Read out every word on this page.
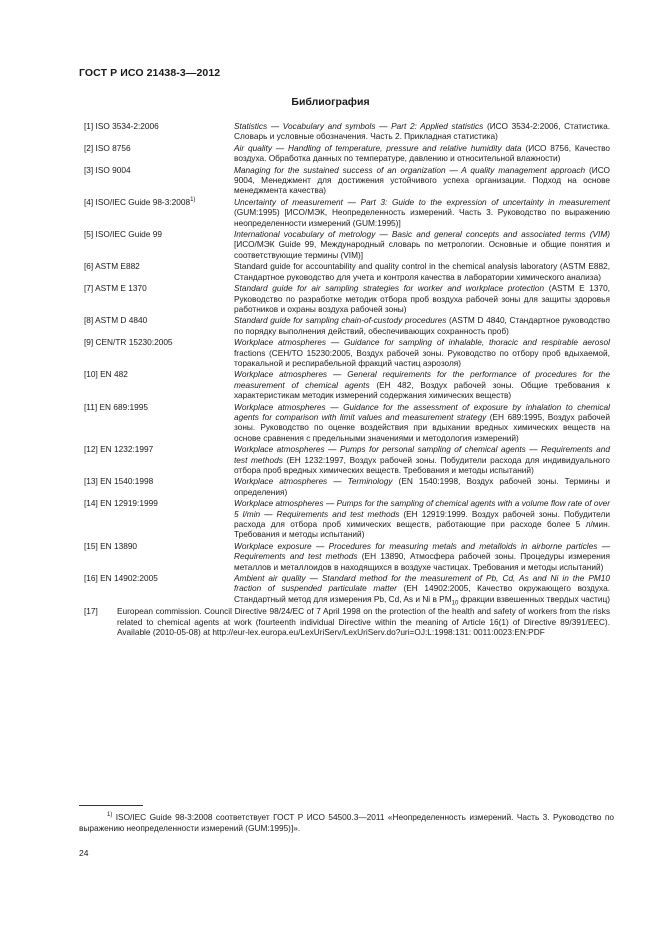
ГОСТ Р ИСО 21438-3—2012
Библиография
[1] ISO 3534-2:2006	Statistics — Vocabulary and symbols — Part 2: Applied statistics (ИСО 3534-2:2006, Статистика. Словарь и условные обозначения. Часть 2. Прикладная статистика)
[2] ISO 8756	Air quality — Handling of temperature, pressure and relative humidity data (ИСО 8756, Качество воздуха. Обработка данных по температуре, давлению и относительной влажности)
[3] ISO 9004	Managing for the sustained success of an organization — A quality management approach (ИСО 9004, Менеджмент для достижения устойчивого успеха организации. Подход на основе менеджмента качества)
[4] ISO/IEC Guide 98-3:2008$^{1)}$	Uncertainty of measurement — Part 3: Guide to the expression of uncertainty in measurement (GUM:1995) [ИСО/МЭК, Неопределенность измерений. Часть 3. Руководство по выражению неопределенности измерений (GUM:1995)]
[5] ISO/IEC Guide 99	International vocabulary of metrology — Basic and general concepts and associated terms (VIM) [ИСО/МЭК Guide 99, Международный словарь по метрологии. Основные и общие понятия и соответствующие термины (VIM)]
[6] ASTM E882	Standard guide for accountability and quality control in the chemical analysis laboratory (ASTM E882, Стандартное руководство для учета и контроля качества в лаборатории химического анализа)
[7] ASTM E 1370	Standard guide for air sampling strategies for worker and workplace protection (ASTM E 1370, Руководство по разработке методик отбора проб воздуха рабочей зоны для защиты здоровья работников и охраны воздуха рабочей зоны)
[8] ASTM D 4840	Standard guide for sampling chain-of-custody procedures (ASTM D 4840, Стандартное руководство по порядку выполнения действий, обеспечивающих сохранность проб)
[9] CEN/TR 15230:2005	Workplace atmospheres — Guidance for sampling of inhalable, thoracic and respirable aerosol fractions (CEH/TO 15230:2005, Воздух рабочей зоны. Руководство по отбору проб вдыхаемой, торакальной и респирабельной фракций частиц аэрозоля)
[10] EN 482	Workplace atmospheres — General requirements for the performance of procedures for the measurement of chemical agents (EH 482, Воздух рабочей зоны. Общие требования к характеристикам методик измерений содержания химических веществ)
[11] EN 689:1995	Workplace atmospheres — Guidance for the assessment of exposure by inhalation to chemical agents for comparison with limit values and measurement strategy (EH 689:1995, Воздух рабочей зоны. Руководство по оценке воздействия при вдыхании вредных химических веществ на основе сравнения с предельными значениями и методология измерений)
[12] EN 1232:1997	Workplace atmospheres — Pumps for personal sampling of chemical agents — Requirements and test methods (EH 1232:1997, Воздух рабочей зоны. Побудители расхода для индивидуального отбора проб вредных химических веществ. Требования и методы испытаний)
[13] EN 1540:1998	Workplace atmospheres — Terminology (EN 1540:1998, Воздух рабочей зоны. Термины и определения)
[14] EN 12919:1999	Workplace atmospheres — Pumps for the sampling of chemical agents with a volume flow rate of over 5 l/min — Requirements and test methods (EH 12919:1999. Воздух рабочей зоны. Побудители расхода для отбора проб химических веществ, работающие при расходе более 5 л/мин. Требования и методы испытаний)
[15] EN 13890	Workplace exposure — Procedures for measuring metals and metalloids in airborne particles — Requirements and test methods (EH 13890, Атмосфера рабочей зоны. Процедуры измерения металлов и металлоидов в находящихся в воздухе частицах. Требования и методы испытаний)
[16] EN 14902:2005	Ambient air quality — Standard method for the measurement of Pb, Cd, As and Ni in the PM10 fraction of suspended particulate matter (EH 14902:2005, Качество окружающего воздуха. Стандартный метод для измерения Pb, Cd, As и Ni в $PM_{10}$ фракции взвешенных твердых частиц)
[17]	European commission. Council Directive 98/24/EC of 7 April 1998 on the protection of the health and safety of workers from the risks related to chemical agents at work (fourteenth individual Directive within the meaning of Article 16(1) of Directive 89/391/EEC). Available (2010-05-08) at http://eur-lex.europa.eu/LexUriServ/LexUriServ.do?uri=OJ:L:1998:131: 0011:0023:EN:PDF
$^{1)}$ ISO/IEC Guide 98-3:2008 соответствует ГОСТ Р ИСО 54500.3—2011 «Неопределенность измерений. Часть 3. Руководство по выражению неопределенности измерений (GUM:1995)]».
24
